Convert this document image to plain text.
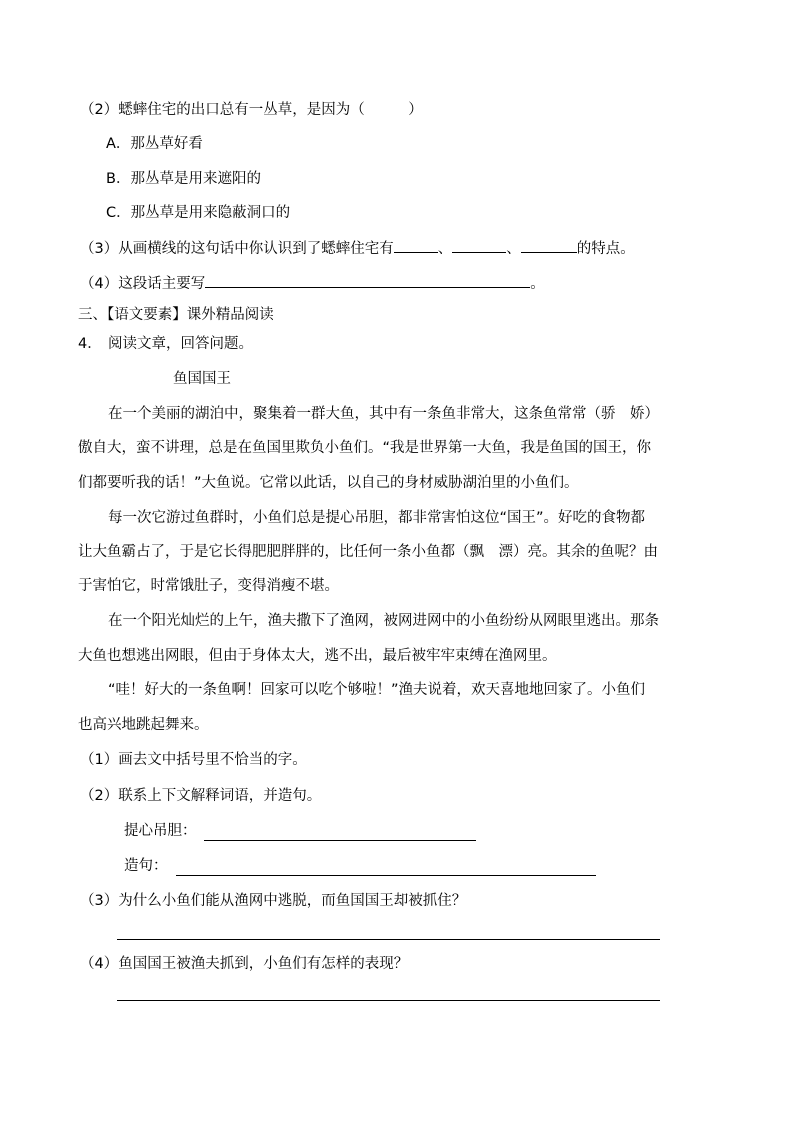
（2）蟋蟀住宅的出口总有一丛草，是因为（　　　）
A．那丛草好看
B．那丛草是用来遮阳的
C．那丛草是用来隐蔽洞口的
（3）从画横线的这句话中你认识到了蟋蟀住宅有	、	、	的特点。
（4）这段话主要写	。
三、【语文要素】课外精品阅读
4． 阅读文章，回答问题。
鱼国国王
在一个美丽的湖泊中，聚集着一群大鱼，其中有一条鱼非常大，这条鱼常常（骄　娇）
傲自大，蛮不讲理，总是在鱼国里欺负小鱼们。“我是世界第一大鱼，我是鱼国的国王，你
们都要听我的话！”大鱼说。它常以此话，以自己的身材威胁湖泊里的小鱼们。
每一次它游过鱼群时，小鱼们总是提心吊胆，都非常害怕这位“国王”。好吃的食物都
让大鱼霸占了，于是它长得肥肥胖胖的，比任何一条小鱼都（飘　漂）亮。其余的鱼呢？由
于害怕它，时常饿肚子，变得消瘦不堪。
在一个阳光灿烂的上午，渔夫撒下了渔网，被网进网中的小鱼纷纷从网眼里逃出。那条
大鱼也想逃出网眼，但由于身体太大，逃不出，最后被牢牢束缚在渔网里。
“哇！好大的一条鱼啊！回家可以吃个够啦！”渔夫说着，欢天喜地地回家了。小鱼们
也高兴地跳起舞来。
（1）画去文中括号里不恰当的字。
（2）联系上下文解释词语，并造句。
提心吊胆：
造句：
（3）为什么小鱼们能从渔网中逃脱，而鱼国国王却被抓住？
（4）鱼国国王被渔夫抓到，小鱼们有怎样的表现？
